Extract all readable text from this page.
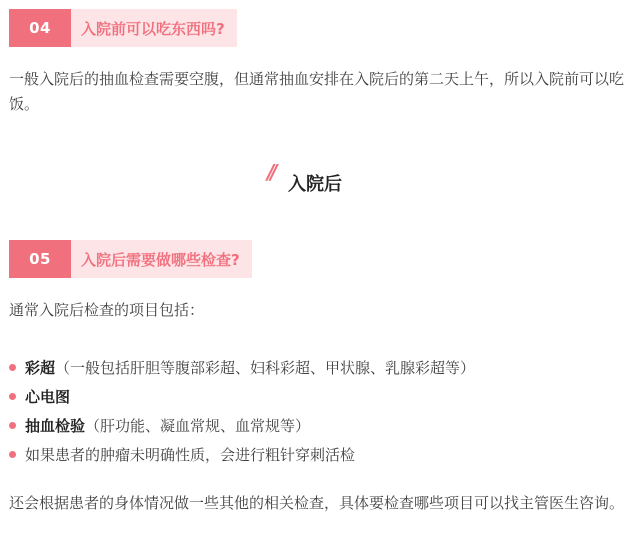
04	入院前可以吃东西吗?

一般入院后的抽血检查需要空腹，但通常抽血安排在入院后的第二天上午，所以入院前可以吃饭。

//
入院后
05	入院后需要做哪些检查?

通常入院后检查的项目包括：

彩超 （一般包括肝胆等腹部彩超、妇科彩超、甲状腺、乳腺彩超等）
心电图
抽血检验 （肝功能、凝血常规、血常规等）
如果患者的肿瘤未明确性质，会进行粗针穿刺活检

还会根据患者的身体情况做一些其他的相关检查，具体要检查哪些项目可以找主管医生咨询。
